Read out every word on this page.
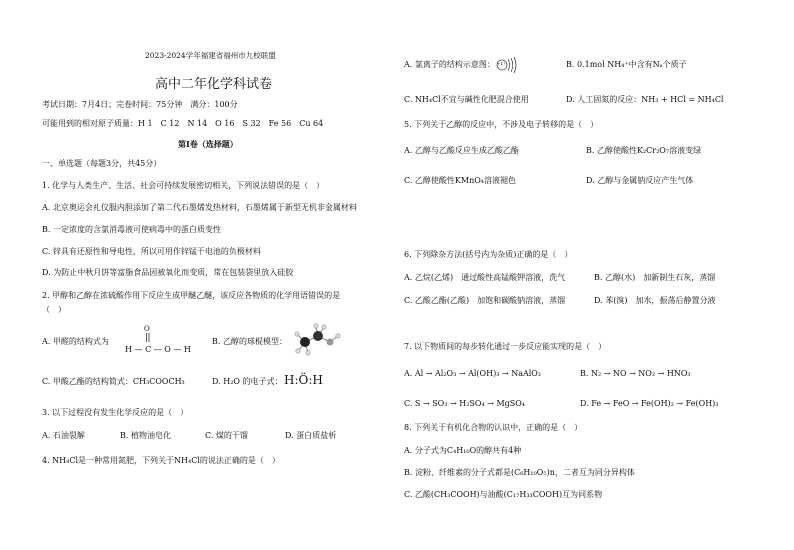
2023-2024学年福建省福州市九校联盟
高中二年化学科试卷
考试日期：7月4日；完卷时间：75分钟　满分：100分
可能用到的相对原子质量：H 1　C 12　N 14　O 16　S 32　Fe 56　Cu 64
第Ⅰ卷（选择题）
一、单选题（每题3分，共45分）
1. 化学与人类生产、生活、社会可持续发展密切相关，下列说法错误的是（　）
A. 北京奥运会礼仪服内胆添加了第二代石墨烯发热材料，石墨烯属于新型无机非金属材料
B. 一定浓度的含氯消毒液可使病毒中的蛋白质变性
C. 锌具有还原性和导电性，所以可用作锌锰干电池的负极材料
D. 为防止中秋月饼等富脂食品因被氧化而变质，常在包装袋里放入硅胶
2. 甲醇和乙醇在浓硫酸作用下反应生成甲醚乙醚，该反应各物质的化学用语错误的是
（　）
A. 甲醛的结构式为
O
H — C — O — H
B. 乙醇的球棍模型：
C. 甲酸乙酯的结构简式：CH₃COOCH₃	D. H₂O 的电子式： H:Ö:H
3. 以下过程没有发生化学反应的是（　）
A. 石油裂解	B. 植物油皂化	C. 煤的干馏	D. 蛋白质盐析
4. NH₄Cl是一种常用氮肥，下列关于NH₄Cl的说法正确的是（　）
A. 氯离子的结构示意图： +17	B. 0.1mol NH₄⁺中含有Nₐ个质子
C. NH₄Cl不宜与碱性化肥混合使用	D. 人工固氮的反应：NH₃ + HCl = NH₄Cl
5. 下列关于乙醇的反应中，不涉及电子转移的是（　）
A. 乙醇与乙酸反应生成乙酸乙酯	B. 乙醇使酸性K₂Cr₂O₇溶液变绿
C. 乙醇使酸性KMnO₄溶液褪色	D. 乙醇与金属钠反应产生气体
6. 下列除杂方法(括号内为杂质)正确的是（　）
A. 乙烷(乙烯)　通过酸性高锰酸钾溶液，洗气	B. 乙醇(水)　加新制生石灰，蒸馏
C. 乙酸乙酯(乙酸)　加饱和碳酸钠溶液，蒸馏	D. 苯(溴)　加水，振荡后静置分液
7. 以下物质间的每步转化通过一步反应能实现的是（　）
A. Al → Al₂O₃ → Al(OH)₃ → NaAlO₂	B. N₂ → NO → NO₂ → HNO₃
C. S → SO₃ → H₂SO₄ → MgSO₄	D. Fe → FeO → Fe(OH)₂ → Fe(OH)₃
8. 下列关于有机化合物的认识中，正确的是（　）
A. 分子式为C₄H₁₀O的醇共有4种
B. 淀粉、纤维素的分子式都是(C₆H₁₀O₅)n，二者互为同分异构体
C. 乙酸(CH₃COOH)与油酸(C₁₇H₃₃COOH)互为同系物
